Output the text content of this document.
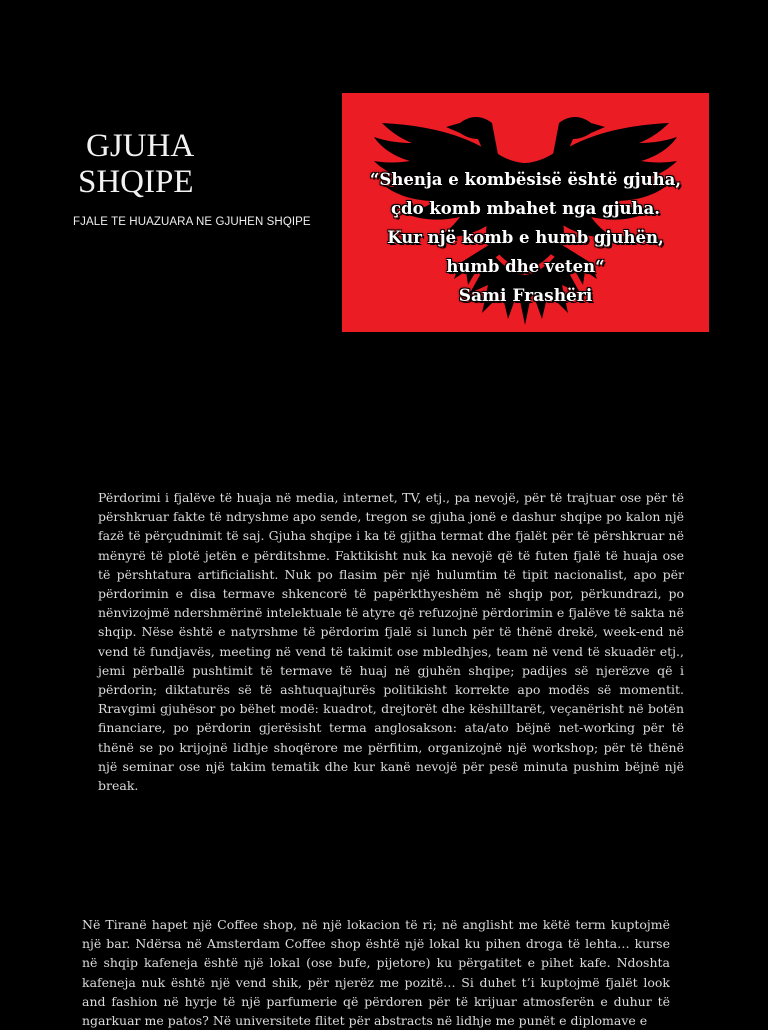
GJUHA
SHQIPE
FJALE TE HUAZUARA NE GJUHEN SHQIPE
“Shenja e kombësisë është gjuha,
çdo komb mbahet nga gjuha.
Kur një komb e humb gjuhën,
humb dhe veten“
Sami Frashëri

Përdorimi i fjalëve të huaja në media, internet, TV, etj., pa nevojë, për të trajtuar ose për të përshkruar fakte të ndryshme apo sende, tregon se gjuha jonë e dashur shqipe po kalon një fazë të përçudnimit të saj. Gjuha shqipe i ka të gjitha termat dhe fjalët për të përshkruar në mënyrë të plotë jetën e përditshme. Faktikisht nuk ka nevojë që të futen fjalë të huaja ose të përshtatura artificialisht. Nuk po flasim për një hulumtim të tipit nacionalist, apo për përdorimin e disa termave shkencorë të papërkthyeshëm në shqip por, përkundrazi, po nënvizojmë ndershmërinë intelektuale të atyre që refuzojnë përdorimin e fjalëve të sakta në shqip. Nëse është e natyrshme të përdorim fjalë si lunch për të thënë drekë, week-end në vend të fundjavës, meeting në vend të takimit ose mbledhjes, team në vend të skuadër etj., jemi përballë pushtimit të termave të huaj në gjuhën shqipe; padijes së njerëzve që i përdorin; diktaturës së të ashtuquajturës politikisht korrekte apo modës së momentit. Rravgimi gjuhësor po bëhet modë: kuadrot, drejtorët dhe këshilltarët, veçanërisht në botën financiare, po përdorin gjerësisht terma anglosakson: ata/ato bëjnë net-working për të thënë se po krijojnë lidhje shoqërore me përfitim, organizojnë një workshop; për të thënë një seminar ose një takim tematik dhe kur kanë nevojë për pesë minuta pushim bëjnë një break.

Në Tiranë hapet një Coffee shop, në një lokacion të ri; në anglisht me këtë term kuptojmë një bar. Ndërsa në Amsterdam Coffee shop është një lokal ku pihen droga të lehta… kurse në shqip kafeneja është një lokal (ose bufe, pijetore) ku përgatitet e pihet kafe. Ndoshta kafeneja nuk është një vend shik, për njerëz me pozitë… Si duhet t’i kuptojmë fjalët look and fashion në hyrje të një parfumerie që përdoren për të krijuar atmosferën e duhur të ngarkuar me patos? Në universitete flitet për abstracts në lidhje me punët e diplomave e
